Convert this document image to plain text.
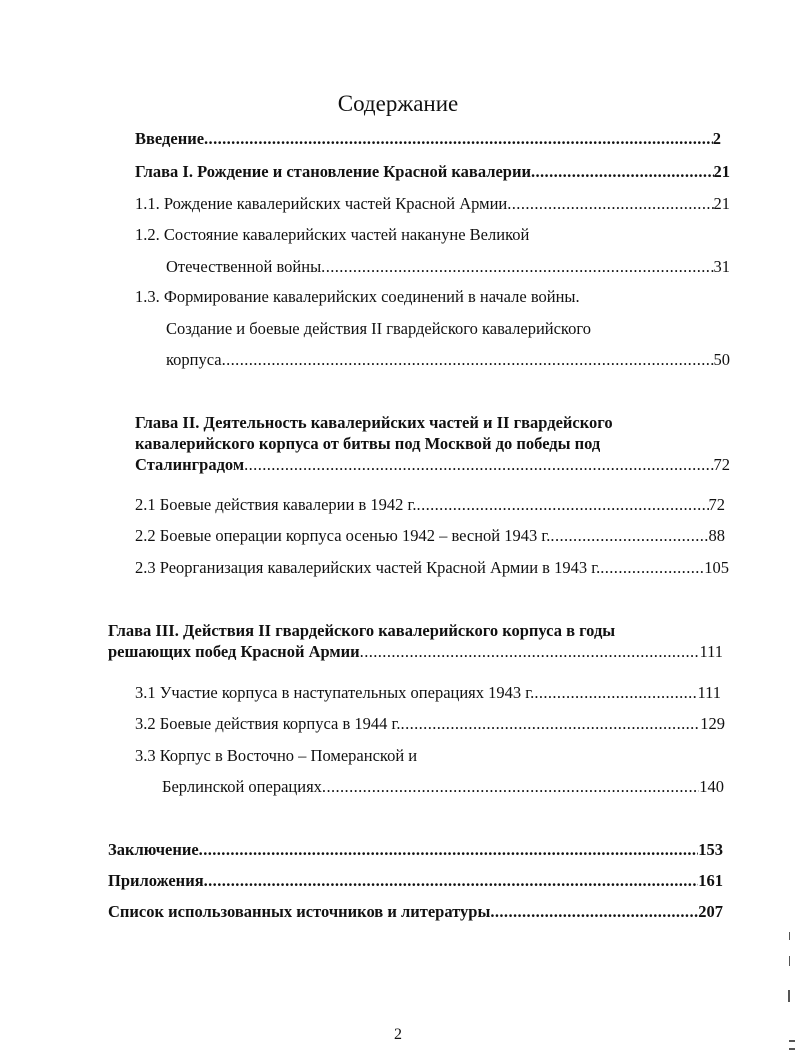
Содержание
Введение .....	2
Глава I. Рождение и становление Красной кавалерии .....	21
1.1. Рождение кавалерийских частей Красной Армии .....	21
1.2. Состояние кавалерийских частей накануне Великой
Отечественной войны .....	31
1.3. Формирование кавалерийских соединений в начале войны.
Создание и боевые действия II гвардейского кавалерийского
корпуса .....	50
Глава II. Деятельность кавалерийских частей и II гвардейского
кавалерийского корпуса от битвы под Москвой до победы под
Сталинградом .....	72
2.1 Боевые действия кавалерии в 1942 г. .....	72
2.2 Боевые операции корпуса осенью 1942 – весной 1943 г. .....	88
2.3 Реорганизация кавалерийских частей Красной Армии в 1943 г. .....	105
Глава III. Действия II гвардейского кавалерийского корпуса в годы
решающих побед Красной Армии .....	111
3.1 Участие корпуса в наступательных операциях 1943 г. .....	111
3.2 Боевые действия корпуса в 1944 г. .....	129
3.3 Корпус в Восточно – Померанской и
Берлинской операциях .....	140
Заключение .....	153
Приложения .....	161
Список использованных источников и литературы .....	207
2
